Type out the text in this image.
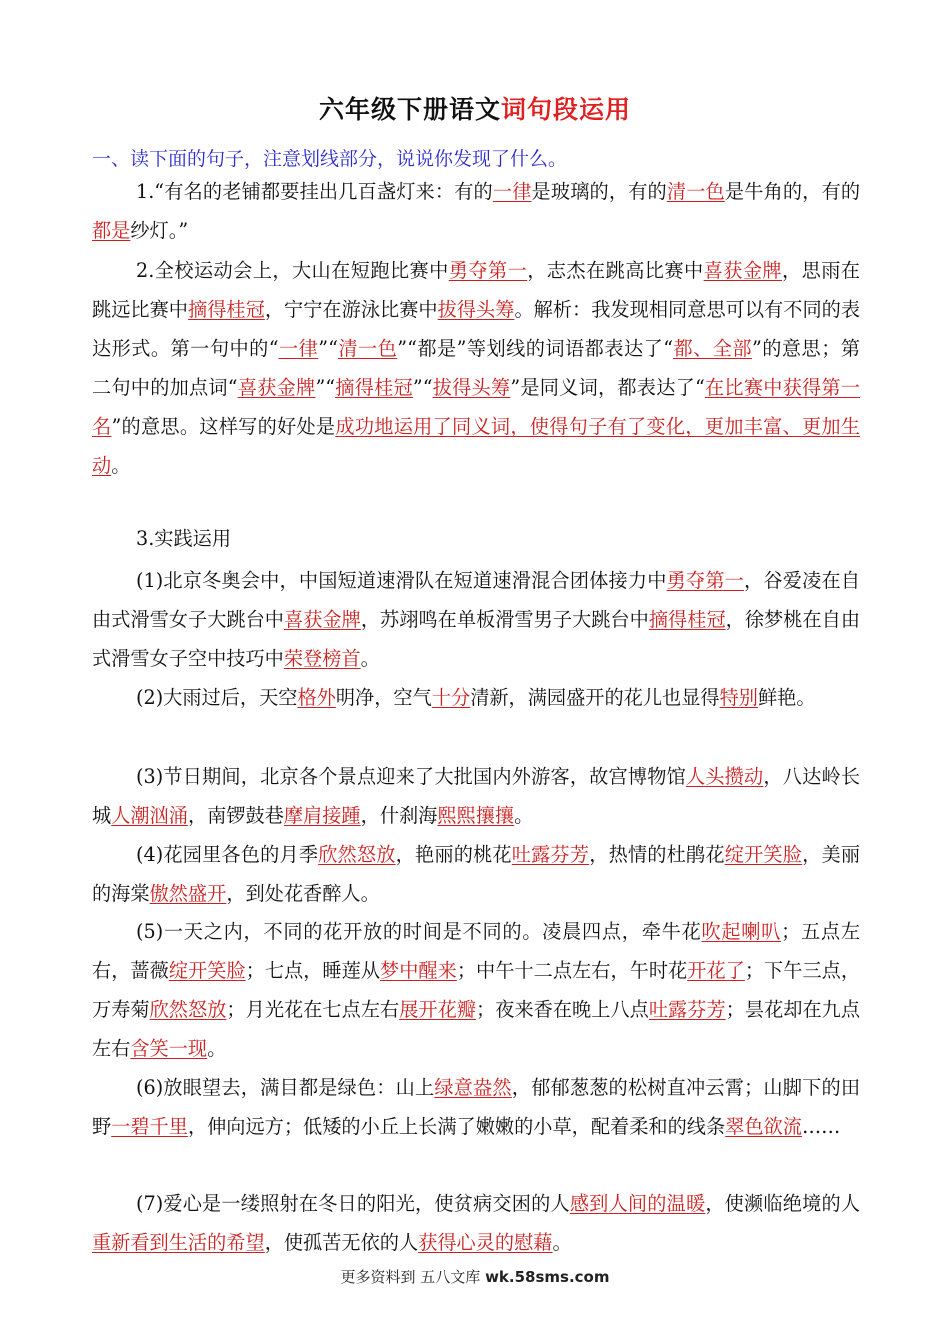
六年级下册语文词句段运用
一、读下面的句子，注意划线部分，说说你发现了什么。
1.“有名的老铺都要挂出几百盏灯来：有的一律是玻璃的，有的清一色是牛角的，有的都是纱灯。”
2.全校运动会上，大山在短跑比赛中勇夺第一，志杰在跳高比赛中喜获金牌，思雨在跳远比赛中摘得桂冠，宁宁在游泳比赛中拔得头筹。解析：我发现相同意思可以有不同的表达形式。第一句中的“一律”“清一色”“都是”等划线的词语都表达了“都、全部”的意思；第二句中的加点词“喜获金牌”“摘得桂冠”“拔得头筹”是同义词，都表达了“在比赛中获得第一名”的意思。这样写的好处是成功地运用了同义词，使得句子有了变化，更加丰富、更加生动。
3.实践运用
(1)北京冬奥会中，中国短道速滑队在短道速滑混合团体接力中勇夺第一，谷爱凌在自由式滑雪女子大跳台中喜获金牌，苏翊鸣在单板滑雪男子大跳台中摘得桂冠，徐梦桃在自由式滑雪女子空中技巧中荣登榜首。
(2)大雨过后，天空格外明净，空气十分清新，满园盛开的花儿也显得特别鲜艳。
(3)节日期间，北京各个景点迎来了大批国内外游客，故宫博物馆人头攒动，八达岭长城人潮汹涌，南锣鼓巷摩肩接踵，什刹海熙熙攘攘。
(4)花园里各色的月季欣然怒放，艳丽的桃花吐露芬芳，热情的杜鹃花绽开笑脸，美丽的海棠傲然盛开，到处花香醉人。
(5)一天之内，不同的花开放的时间是不同的。凌晨四点，牵牛花吹起喇叭；五点左右，蔷薇绽开笑脸；七点，睡莲从梦中醒来；中午十二点左右，午时花开花了；下午三点，万寿菊欣然怒放；月光花在七点左右展开花瓣；夜来香在晚上八点吐露芬芳；昙花却在九点左右含笑一现。
(6)放眼望去，满目都是绿色：山上绿意盎然，郁郁葱葱的松树直冲云霄；山脚下的田野一碧千里，伸向远方；低矮的小丘上长满了嫩嫩的小草，配着柔和的线条翠色欲流……
(7)爱心是一缕照射在冬日的阳光，使贫病交困的人感到人间的温暖，使濒临绝境的人重新看到生活的希望，使孤苦无依的人获得心灵的慰藉。
更多资料到 五八文库 wk.58sms.com
